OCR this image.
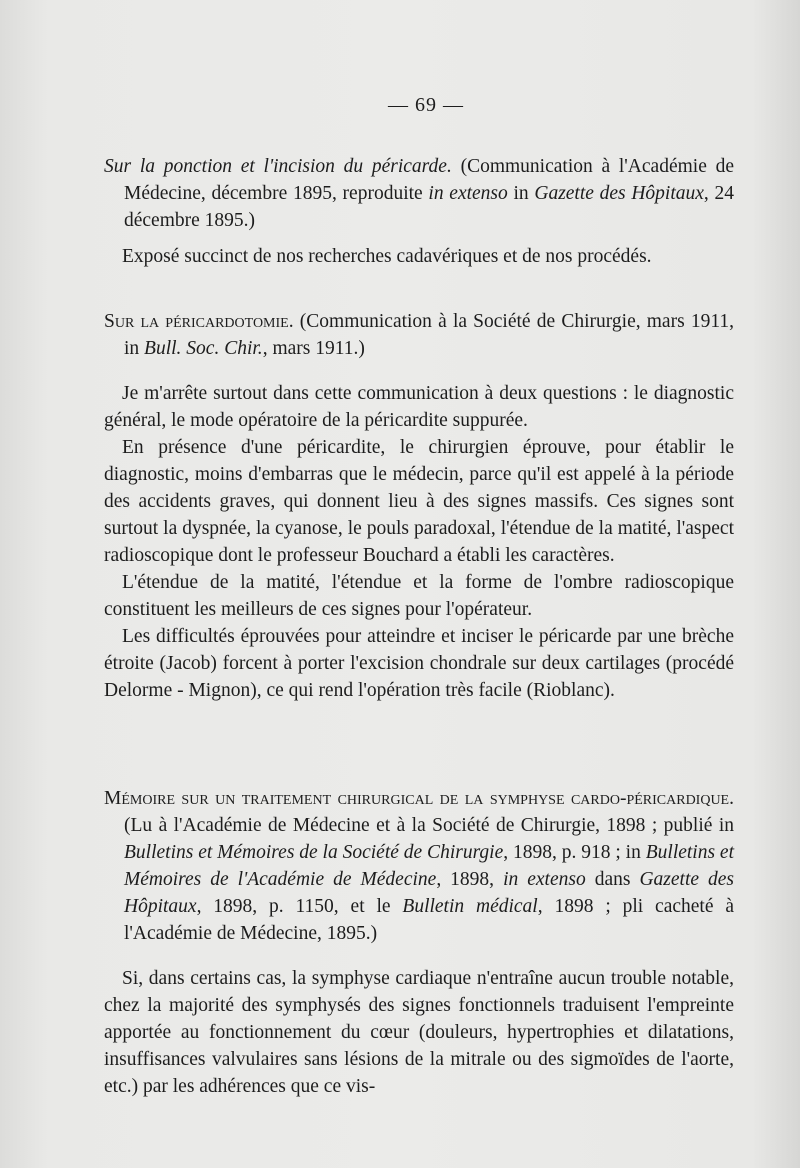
— 69 —

Sur la ponction et l'incision du péricarde. (Communication à l'Académie de Médecine, décembre 1895, reproduite in extenso in Gazette des Hôpitaux, 24 décembre 1895.)

Exposé succinct de nos recherches cadavériques et de nos procédés.

Sur la péricardotomie. (Communication à la Société de Chirurgie, mars 1911, in Bull. Soc. Chir., mars 1911.)

Je m'arrête surtout dans cette communication à deux questions : le diagnostic général, le mode opératoire de la péricardite suppurée.

En présence d'une péricardite, le chirurgien éprouve, pour établir le diagnostic, moins d'embarras que le médecin, parce qu'il est appelé à la période des accidents graves, qui donnent lieu à des signes massifs. Ces signes sont surtout la dyspnée, la cyanose, le pouls paradoxal, l'étendue de la matité, l'aspect radioscopique dont le professeur Bouchard a établi les caractères.

L'étendue de la matité, l'étendue et la forme de l'ombre radioscopique constituent les meilleurs de ces signes pour l'opérateur.

Les difficultés éprouvées pour atteindre et inciser le péricarde par une brèche étroite (Jacob) forcent à porter l'excision chondrale sur deux cartilages (procédé Delorme - Mignon), ce qui rend l'opération très facile (Rioblanc).

Mémoire sur un traitement chirurgical de la symphyse cardo-péricardique. (Lu à l'Académie de Médecine et à la Société de Chirurgie, 1898 ; publié in Bulletins et Mémoires de la Société de Chirurgie, 1898, p. 918 ; in Bulletins et Mémoires de l'Académie de Médecine, 1898, in extenso dans Gazette des Hôpitaux, 1898, p. 1150, et le Bulletin médical, 1898 ; pli cacheté à l'Académie de Médecine, 1895.)

Si, dans certains cas, la symphyse cardiaque n'entraîne aucun trouble notable, chez la majorité des symphysés des signes fonctionnels traduisent l'empreinte apportée au fonctionnement du cœur (douleurs, hypertrophies et dilatations, insuffisances valvulaires sans lésions de la mitrale ou des sigmoïdes de l'aorte, etc.) par les adhérences que ce vis-
